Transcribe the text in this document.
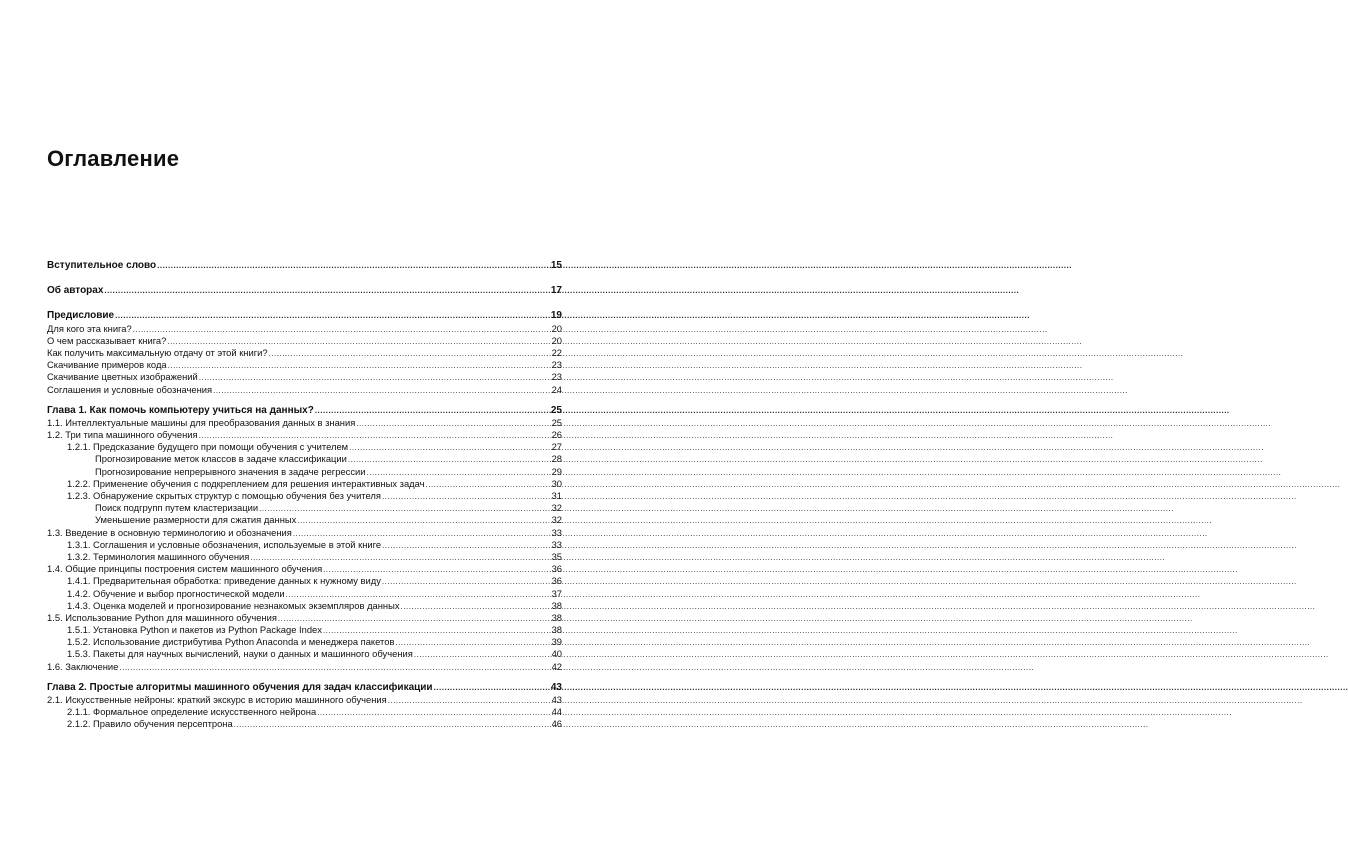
Оглавление
Вступительное слово .....	15
Об авторах .....	17
Предисловие .....	19
Для кого эта книга? .....	20
О чем рассказывает книга? .....	20
Как получить максимальную отдачу от этой книги? .....	22
Скачивание примеров кода .....	23
Скачивание цветных изображений .....	23
Соглашения и условные обозначения .....	24
Глава 1. Как помочь компьютеру учиться на данных? .....	25
1.1. Интеллектуальные машины для преобразования данных в знания .....	25
1.2. Три типа машинного обучения .....	26
1.2.1. Предсказание будущего при помощи обучения с учителем .....	27
Прогнозирование меток классов в задаче классификации .....	28
Прогнозирование непрерывного значения в задаче регрессии .....	29
1.2.2. Применение обучения с подкреплением для решения интерактивных задач .....	30
1.2.3. Обнаружение скрытых структур с помощью обучения без учителя .....	31
Поиск подгрупп путем кластеризации .....	32
Уменьшение размерности для сжатия данных .....	32
1.3. Введение в основную терминологию и обозначения .....	33
1.3.1. Соглашения и условные обозначения, используемые в этой книге .....	33
1.3.2. Терминология машинного обучения .....	35
1.4. Общие принципы построения систем машинного обучения .....	36
1.4.1. Предварительная обработка: приведение данных к нужному виду .....	36
1.4.2. Обучение и выбор прогностической модели .....	37
1.4.3. Оценка моделей и прогнозирование незнакомых экземпляров данных .....	38
1.5. Использование Python для машинного обучения .....	38
1.5.1. Установка Python и пакетов из Python Package Index .....	38
1.5.2. Использование дистрибутива Python Anaconda и менеджера пакетов .....	39
1.5.3. Пакеты для научных вычислений, науки о данных и машинного обучения .....	40
1.6. Заключение .....	42
Глава 2. Простые алгоритмы машинного обучения для задач классификации .....	43
2.1. Искусственные нейроны: краткий экскурс в историю машинного обучения .....	43
2.1.1. Формальное определение искусственного нейрона .....	44
2.1.2. Правило обучения персептрона .....	46
